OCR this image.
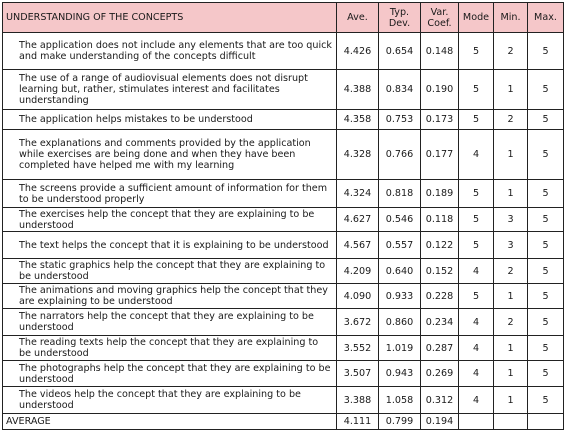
UNDERSTANDING OF THE CONCEPTS	Ave.	Typ. Dev.	Var. Coef.	Mode	Min.	Max.
The application does not include any elements that are too quick and make understanding of the concepts difficult	4.426	0.654	0.148	5	2	5
The use of a range of audiovisual elements does not disrupt learning but, rather, stimulates interest and facilitates understanding	4.388	0.834	0.190	5	1	5
The application helps mistakes to be understood	4.358	0.753	0.173	5	2	5
The explanations and comments provided by the application while exercises are being done and when they have been completed have helped me with my learning	4.328	0.766	0.177	4	1	5
The screens provide a sufficient amount of information for them to be understood properly	4.324	0.818	0.189	5	1	5
The exercises help the concept that they are explaining to be understood	4.627	0.546	0.118	5	3	5
The text helps the concept that it is explaining to be understood	4.567	0.557	0.122	5	3	5
The static graphics help the concept that they are explaining to be understood	4.209	0.640	0.152	4	2	5
The animations and moving graphics help the concept that they are explaining to be understood	4.090	0.933	0.228	5	1	5
The narrators help the concept that they are explaining to be understood	3.672	0.860	0.234	4	2	5
The reading texts help the concept that they are explaining to be understood	3.552	1.019	0.287	4	1	5
The photographs help the concept that they are explaining to be understood	3.507	0.943	0.269	4	1	5
The videos help the concept that they are explaining to be understood	3.388	1.058	0.312	4	1	5
AVERAGE	4.111	0.799	0.194			
